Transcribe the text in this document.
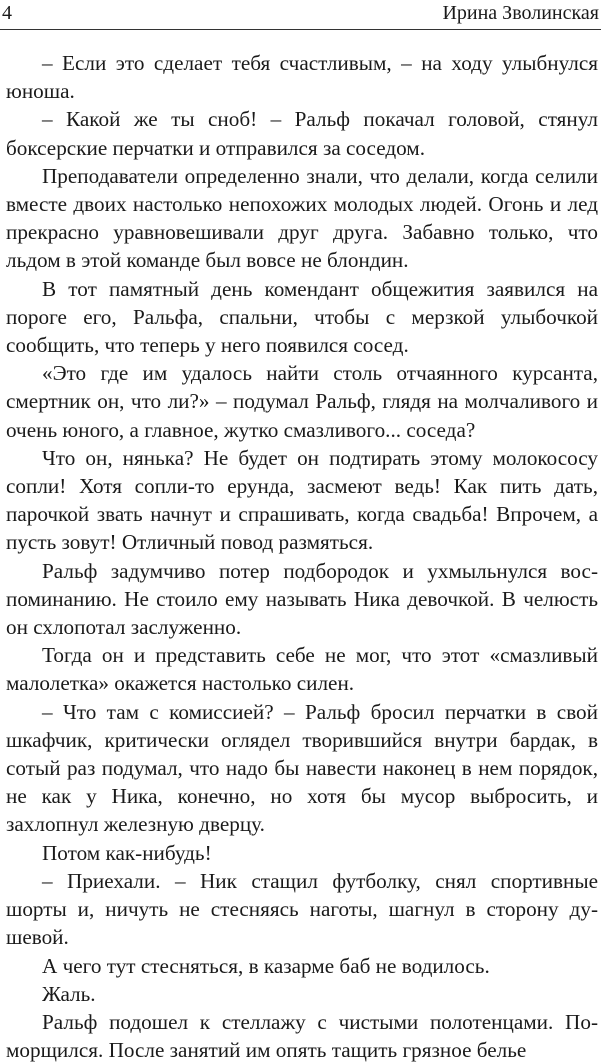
4	Ирина Зволинская

– Если это сделает тебя счастливым, – на ходу улыбнулся юноша.

– Какой же ты сноб! – Ральф покачал головой, стянул боксерские перчатки и отправился за соседом.

Преподаватели определенно знали, что делали, когда селили вместе двоих настолько непохожих молодых людей. Огонь и лед прекрасно уравновешивали друг друга. Забавно только, что льдом в этой команде был вовсе не блондин.

В тот памятный день комендант общежития заявился на пороге его, Ральфа, спальни, чтобы с мерзкой улыбочкой сообщить, что теперь у него появился сосед.

«Это где им удалось найти столь отчаянного курсанта, смертник он, что ли?» – подумал Ральф, глядя на молчаливого и очень юного, а главное, жутко смазливого... соседа?

Что он, нянька? Не будет он подтирать этому молокососу сопли! Хотя сопли-то ерунда, засмеют ведь! Как пить дать, парочкой звать начнут и спрашивать, когда свадьба! Впрочем, а пусть зовут! Отличный повод размяться.

Ральф задумчиво потер подбородок и ухмыльнулся воспоминанию. Не стоило ему называть Ника девочкой. В челюсть он схлопотал заслуженно.

Тогда он и представить себе не мог, что этот «смазливый малолетка» окажется настолько силен.

– Что там с комиссией? – Ральф бросил перчатки в свой шкафчик, критически оглядел творившийся внутри бардак, в сотый раз подумал, что надо бы навести наконец в нем порядок, не как у Ника, конечно, но хотя бы мусор выбросить, и захлопнул железную дверцу.

Потом как-нибудь!

– Приехали. – Ник стащил футболку, снял спортивные шорты и, ничуть не стесняясь наготы, шагнул в сторону душевой.

А чего тут стесняться, в казарме баб не водилось.

Жаль.

Ральф подошел к стеллажу с чистыми полотенцами. Поморщился. После занятий им опять тащить грязное белье
